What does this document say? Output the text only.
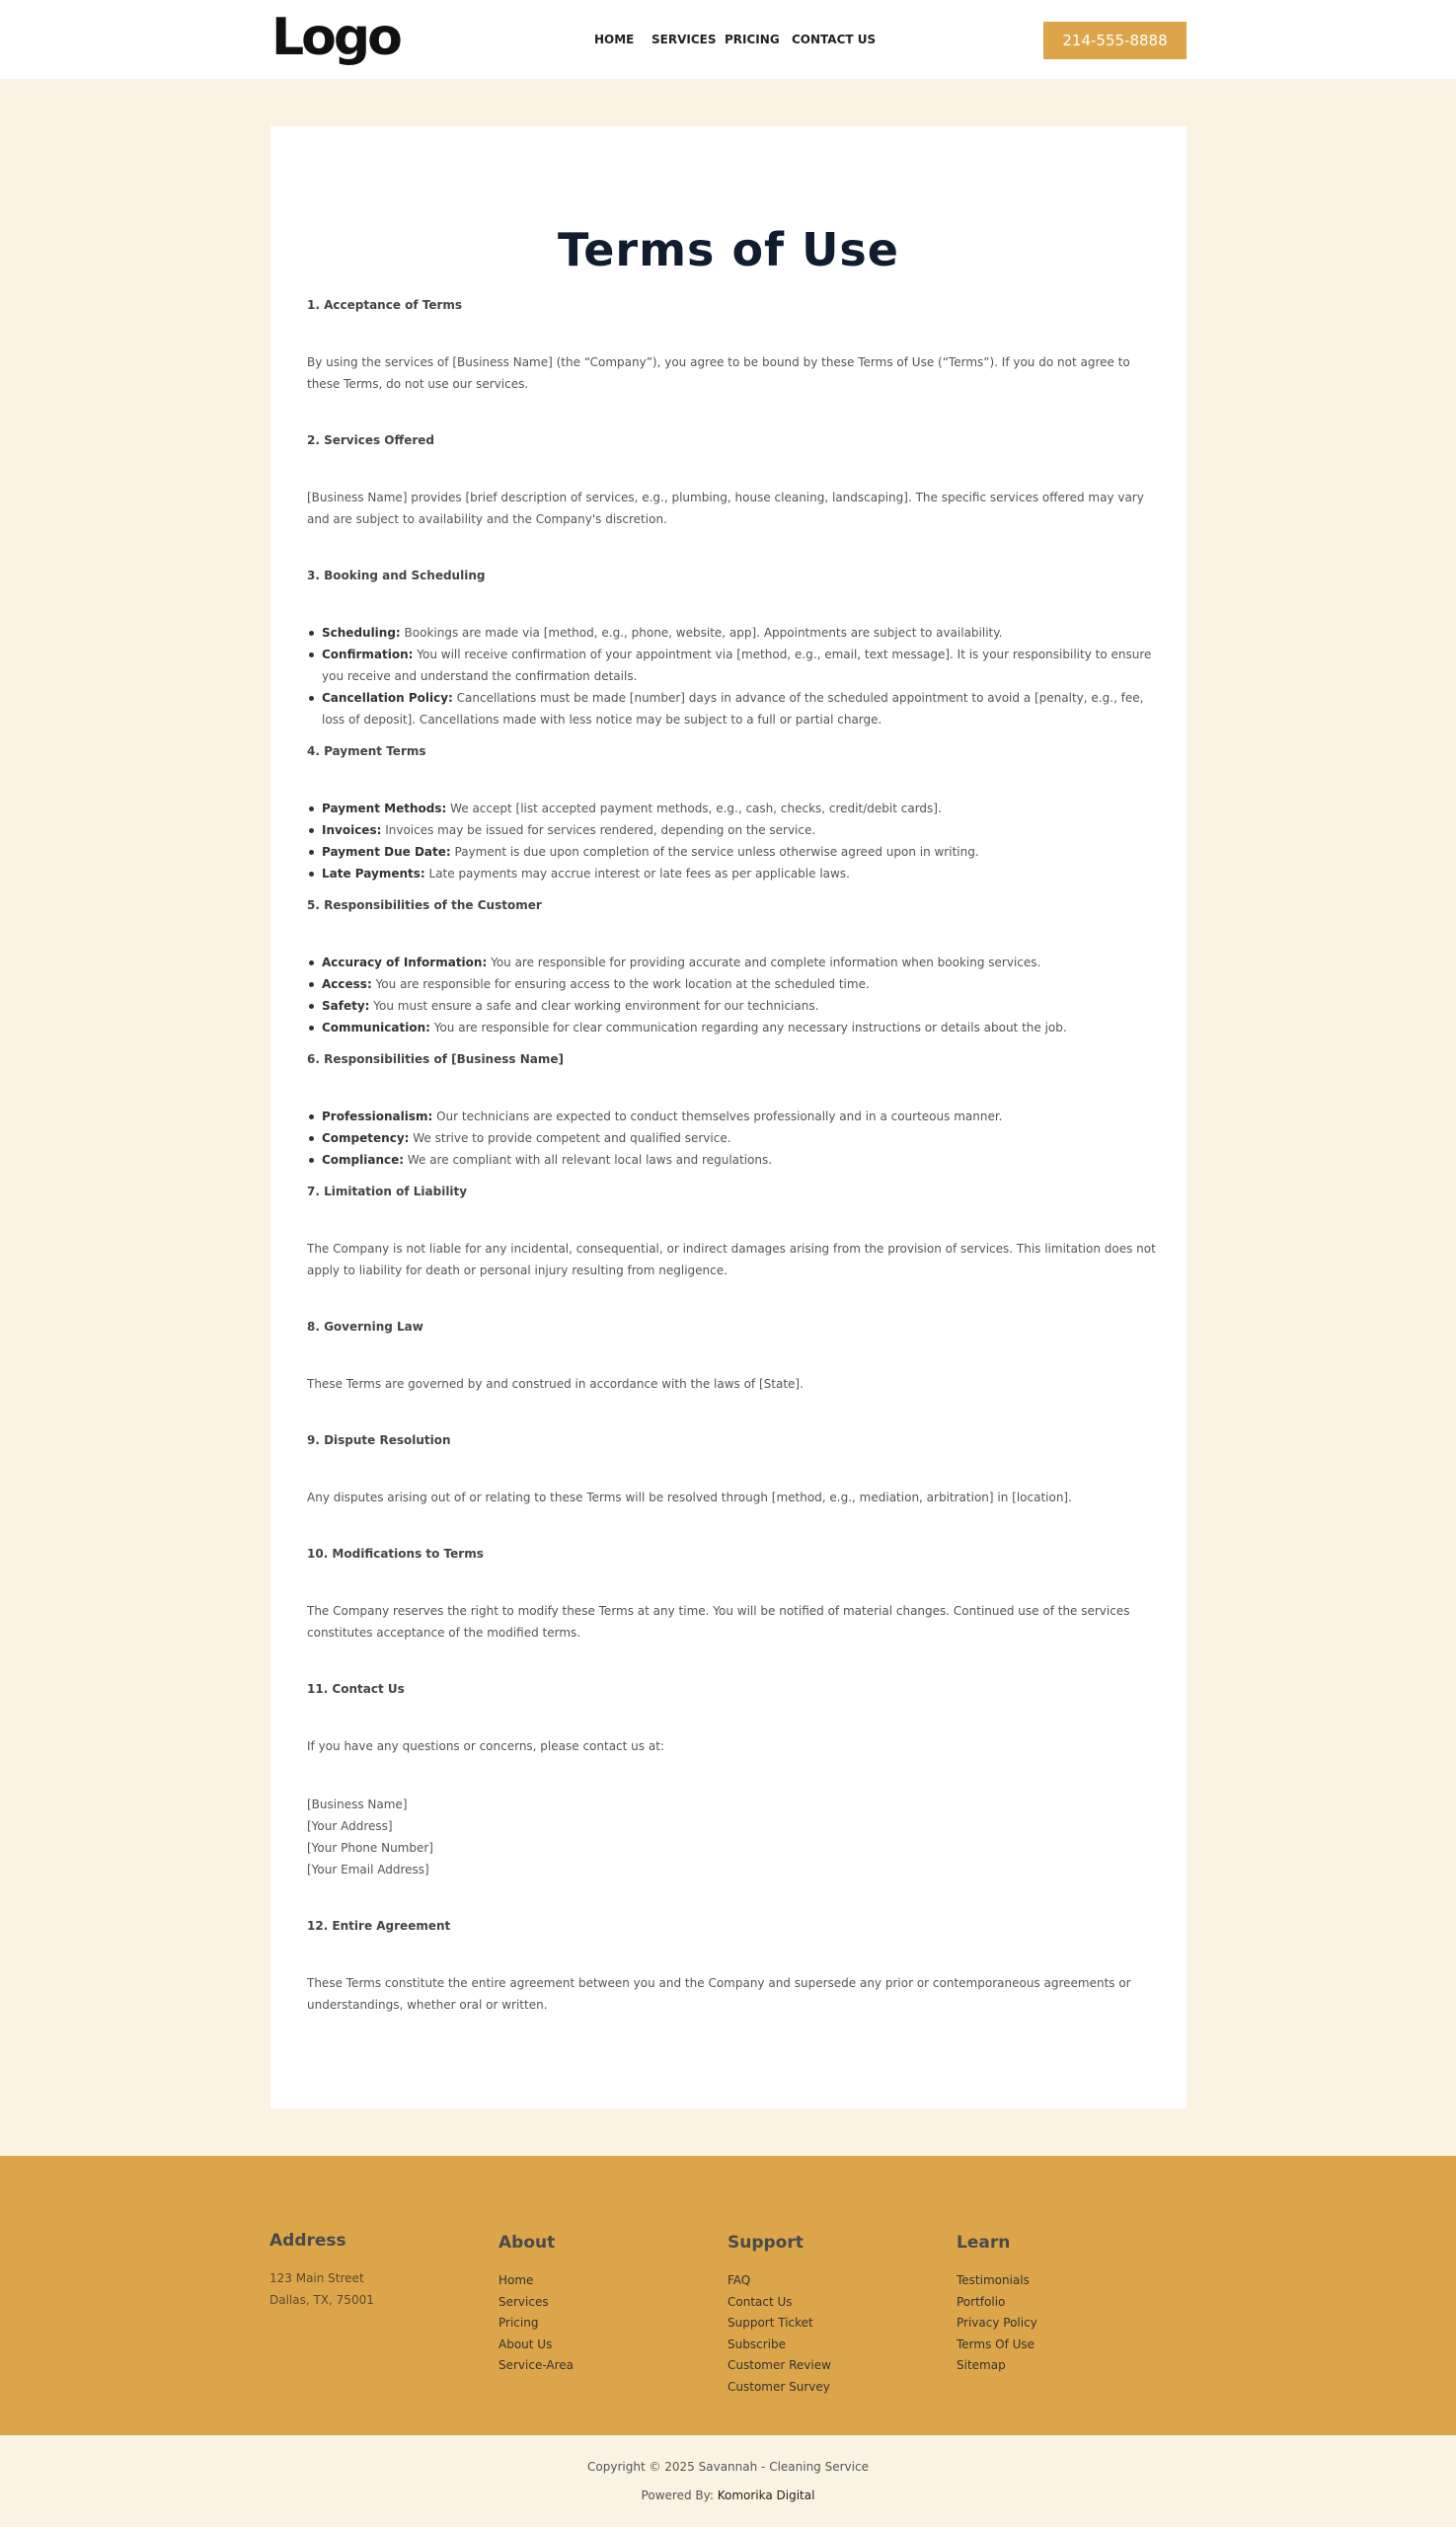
Logo	HOME SERVICES PRICING CONTACT US	214-555-8888
Terms of Use
1. Acceptance of Terms

By using the services of [Business Name] (the “Company”), you agree to be bound by these Terms of Use (“Terms”). If you do not agree to these Terms, do not use our services.

2. Services Offered

[Business Name] provides [brief description of services, e.g., plumbing, house cleaning, landscaping]. The specific services offered may vary and are subject to availability and the Company's discretion.

3. Booking and Scheduling
Scheduling: Bookings are made via [method, e.g., phone, website, app]. Appointments are subject to availability.
Confirmation: You will receive confirmation of your appointment via [method, e.g., email, text message]. It is your responsibility to ensure you receive and understand the confirmation details.
Cancellation Policy: Cancellations must be made [number] days in advance of the scheduled appointment to avoid a [penalty, e.g., fee, loss of deposit]. Cancellations made with less notice may be subject to a full or partial charge.
4. Payment Terms
Payment Methods: We accept [list accepted payment methods, e.g., cash, checks, credit/debit cards].
Invoices: Invoices may be issued for services rendered, depending on the service.
Payment Due Date: Payment is due upon completion of the service unless otherwise agreed upon in writing.
Late Payments: Late payments may accrue interest or late fees as per applicable laws.
5. Responsibilities of the Customer
Accuracy of Information: You are responsible for providing accurate and complete information when booking services.
Access: You are responsible for ensuring access to the work location at the scheduled time.
Safety: You must ensure a safe and clear working environment for our technicians.
Communication: You are responsible for clear communication regarding any necessary instructions or details about the job.
6. Responsibilities of [Business Name]
Professionalism: Our technicians are expected to conduct themselves professionally and in a courteous manner.
Competency: We strive to provide competent and qualified service.
Compliance: We are compliant with all relevant local laws and regulations.
7. Limitation of Liability

The Company is not liable for any incidental, consequential, or indirect damages arising from the provision of services. This limitation does not apply to liability for death or personal injury resulting from negligence.

8. Governing Law

These Terms are governed by and construed in accordance with the laws of [State].

9. Dispute Resolution

Any disputes arising out of or relating to these Terms will be resolved through [method, e.g., mediation, arbitration] in [location].

10. Modifications to Terms

The Company reserves the right to modify these Terms at any time. You will be notified of material changes. Continued use of the services constitutes acceptance of the modified terms.

11. Contact Us

If you have any questions or concerns, please contact us at:

[Business Name]
[Your Address]
[Your Phone Number]
[Your Email Address]
12. Entire Agreement

These Terms constitute the entire agreement between you and the Company and supersede any prior or contemporaneous agreements or understandings, whether oral or written.

Address
123 Main Street
Dallas, TX, 75001
About
Home
Services
Pricing
About Us
Service-Area
Support
FAQ
Contact Us
Support Ticket
Subscribe
Customer Review
Customer Survey
Learn
Testimonials
Portfolio
Privacy Policy
Terms Of Use
Sitemap
Copyright © 2025 Savannah - Cleaning Service
Powered By: Komorika Digital
